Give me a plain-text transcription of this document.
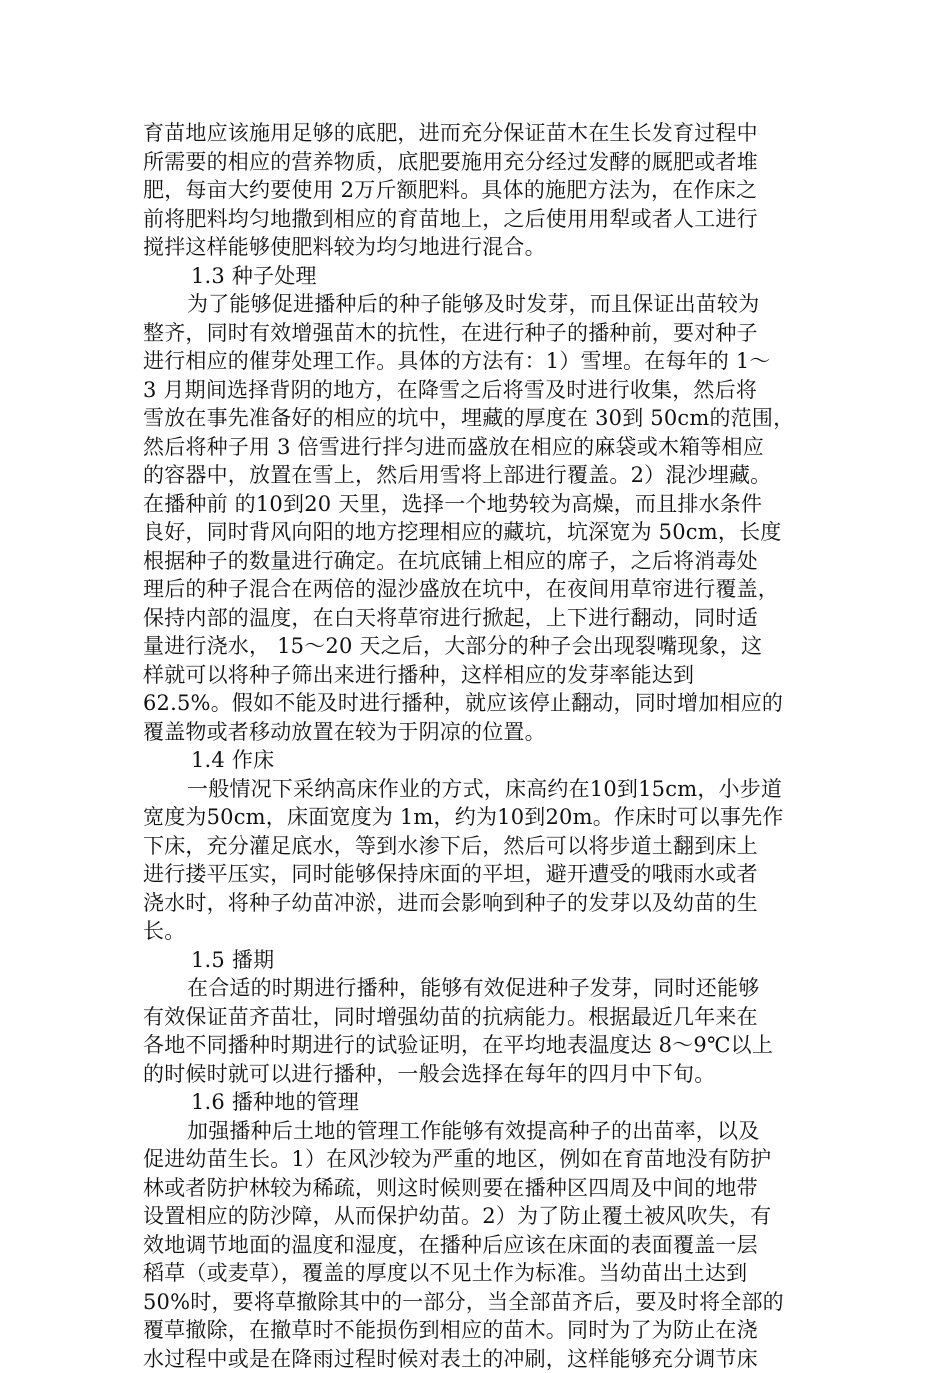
育苗地应该施用足够的底肥，进而充分保证苗木在生长发育过程中
所需要的相应的营养物质，底肥要施用充分经过发酵的厩肥或者堆
肥，每亩大约要使用 2万斤额肥料。具体的施肥方法为，在作床之
前将肥料均匀地撒到相应的育苗地上，之后使用用犁或者人工进行
搅拌这样能够使肥料较为均匀地进行混合。
1.3 种子处理
为了能够促进播种后的种子能够及时发芽，而且保证出苗较为
整齐，同时有效增强苗木的抗性，在进行种子的播种前，要对种子
进行相应的催芽处理工作。具体的方法有：1）雪埋。在每年的 1～
3 月期间选择背阴的地方，在降雪之后将雪及时进行收集，然后将
雪放在事先准备好的相应的坑中，埋藏的厚度在 30到 50cm的范围，
然后将种子用 3 倍雪进行拌匀进而盛放在相应的麻袋或木箱等相应
的容器中，放置在雪上，然后用雪将上部进行覆盖。2）混沙埋藏。
在播种前 的10到20 天里，选择一个地势较为高燥，而且排水条件
良好，同时背风向阳的地方挖理相应的藏坑，坑深宽为 50cm，长度
根据种子的数量进行确定。在坑底铺上相应的席子，之后将消毒处
理后的种子混合在两倍的湿沙盛放在坑中，在夜间用草帘进行覆盖，
保持内部的温度，在白天将草帘进行掀起，上下进行翻动，同时适
量进行浇水， 15～20 天之后，大部分的种子会出现裂嘴现象，这
样就可以将种子筛出来进行播种，这样相应的发芽率能达到
62.5%。假如不能及时进行播种，就应该停止翻动，同时增加相应的
覆盖物或者移动放置在较为于阴凉的位置。
1.4 作床
一般情况下采纳高床作业的方式，床高约在10到15cm，小步道
宽度为50cm，床面宽度为 1m，约为10到20m。作床时可以事先作
下床，充分灌足底水，等到水渗下后，然后可以将步道土翻到床上
进行搂平压实，同时能够保持床面的平坦，避开遭受的哦雨水或者
浇水时，将种子幼苗冲淤，进而会影响到种子的发芽以及幼苗的生
长。
1.5 播期
在合适的时期进行播种，能够有效促进种子发芽，同时还能够
有效保证苗齐苗壮，同时增强幼苗的抗病能力。根据最近几年来在
各地不同播种时期进行的试验证明，在平均地表温度达 8～9℃以上
的时候时就可以进行播种，一般会选择在每年的四月中下旬。
1.6 播种地的管理
加强播种后土地的管理工作能够有效提高种子的出苗率，以及
促进幼苗生长。1）在风沙较为严重的地区，例如在育苗地没有防护
林或者防护林较为稀疏，则这时候则要在播种区四周及中间的地带
设置相应的防沙障，从而保护幼苗。2）为了防止覆土被风吹失，有
效地调节地面的温度和湿度，在播种后应该在床面的表面覆盖一层
稻草（或麦草），覆盖的厚度以不见土作为标准。当幼苗出土达到
50%时，要将草撤除其中的一部分，当全部苗齐后，要及时将全部的
覆草撤除，在撤草时不能损伤到相应的苗木。同时为了为防止在浇
水过程中或是在降雨过程时候对表土的冲刷，这样能够充分调节床
